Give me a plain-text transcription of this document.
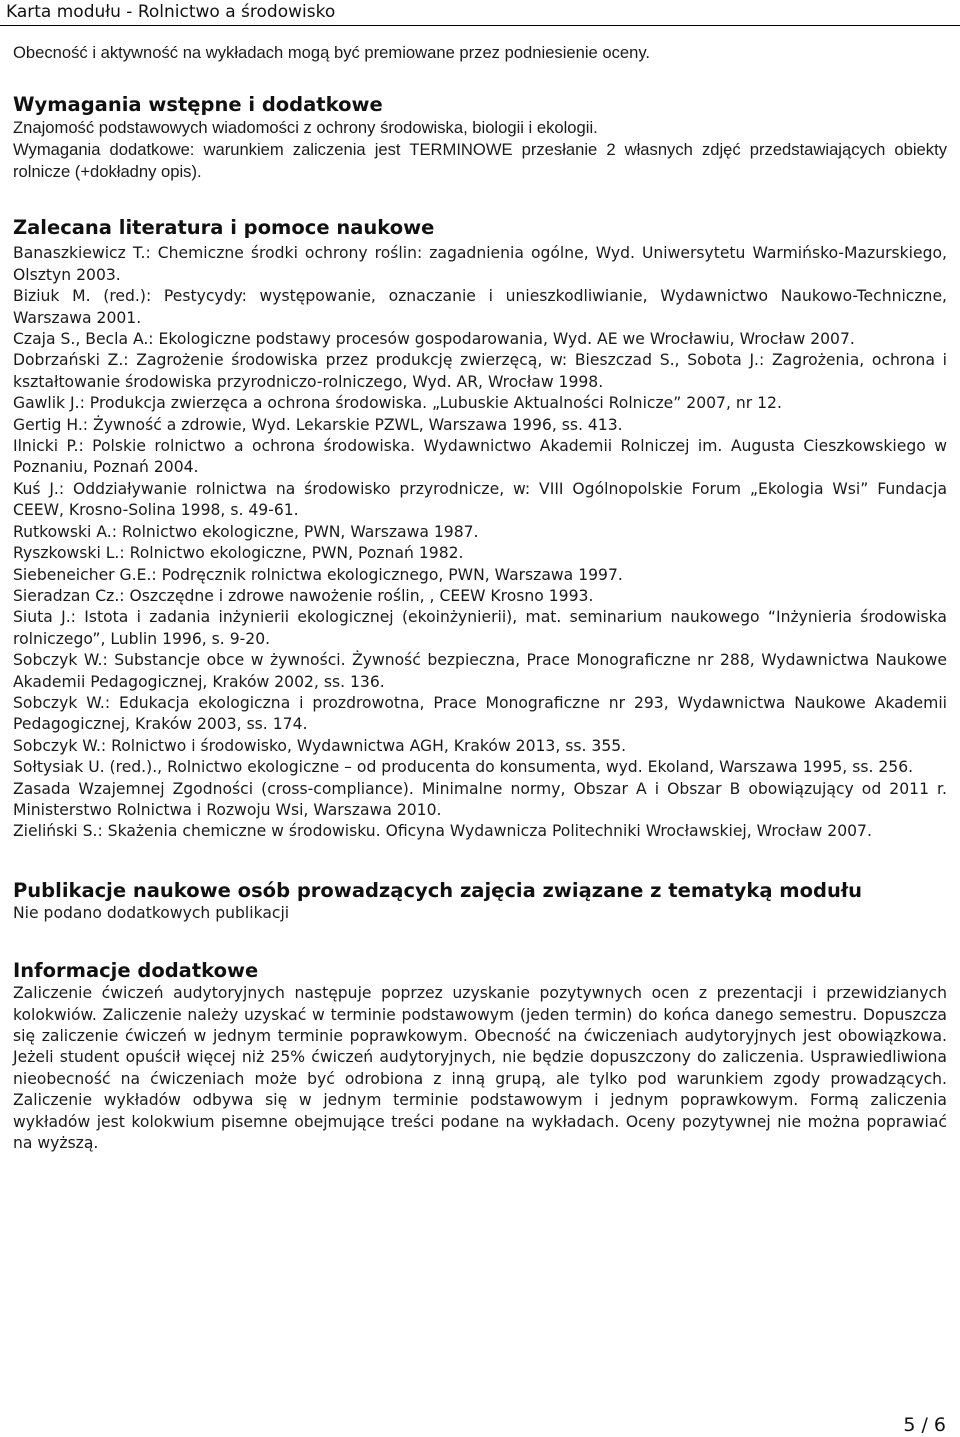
Karta modułu - Rolnictwo a środowisko

Obecność i aktywność na wykładach mogą być premiowane przez podniesienie oceny.

Wymagania wstępne i dodatkowe

Znajomość podstawowych wiadomości z ochrony środowiska, biologii i ekologii.

Wymagania dodatkowe: warunkiem zaliczenia jest TERMINOWE przesłanie 2 własnych zdjęć przedstawiających obiekty rolnicze (+dokładny opis).

Zalecana literatura i pomoce naukowe

Banaszkiewicz T.: Chemiczne środki ochrony roślin: zagadnienia ogólne, Wyd. Uniwersytetu Warmińsko-Mazurskiego, Olsztyn 2003.

Biziuk M. (red.): Pestycydy: występowanie, oznaczanie i unieszkodliwianie, Wydawnictwo Naukowo-Techniczne, Warszawa 2001.

Czaja S., Becla A.: Ekologiczne podstawy procesów gospodarowania, Wyd. AE we Wrocławiu, Wrocław 2007.

Dobrzański Z.: Zagrożenie środowiska przez produkcję zwierzęcą, w: Bieszczad S., Sobota J.: Zagrożenia, ochrona i kształtowanie środowiska przyrodniczo-rolniczego, Wyd. AR, Wrocław 1998.

Gawlik J.: Produkcja zwierzęca a ochrona środowiska. „Lubuskie Aktualności Rolnicze” 2007, nr 12.

Gertig H.: Żywność a zdrowie, Wyd. Lekarskie PZWL, Warszawa 1996, ss. 413.

Ilnicki P.: Polskie rolnictwo a ochrona środowiska. Wydawnictwo Akademii Rolniczej im. Augusta Cieszkowskiego w Poznaniu, Poznań 2004.

Kuś J.: Oddziaływanie rolnictwa na środowisko przyrodnicze, w: VIII Ogólnopolskie Forum „Ekologia Wsi” Fundacja CEEW, Krosno-Solina 1998, s. 49-61.

Rutkowski A.: Rolnictwo ekologiczne, PWN, Warszawa 1987.

Ryszkowski L.: Rolnictwo ekologiczne, PWN, Poznań 1982.

Siebeneicher G.E.: Podręcznik rolnictwa ekologicznego, PWN, Warszawa 1997.

Sieradzan Cz.: Oszczędne i zdrowe nawożenie roślin, , CEEW Krosno 1993.

Siuta J.: Istota i zadania inżynierii ekologicznej (ekoinżynierii), mat. seminarium naukowego “Inżynieria środowiska rolniczego”, Lublin 1996, s. 9-20.

Sobczyk W.: Substancje obce w żywności. Żywność bezpieczna, Prace Monograficzne nr 288, Wydawnictwa Naukowe Akademii Pedagogicznej, Kraków 2002, ss. 136.

Sobczyk W.: Edukacja ekologiczna i prozdrowotna, Prace Monograficzne nr 293, Wydawnictwa Naukowe Akademii Pedagogicznej, Kraków 2003, ss. 174.

Sobczyk W.: Rolnictwo i środowisko, Wydawnictwa AGH, Kraków 2013, ss. 355.

Sołtysiak U. (red.)., Rolnictwo ekologiczne – od producenta do konsumenta, wyd. Ekoland, Warszawa 1995, ss. 256.

Zasada Wzajemnej Zgodności (cross-compliance). Minimalne normy, Obszar A i Obszar B obowiązujący od 2011 r. Ministerstwo Rolnictwa i Rozwoju Wsi, Warszawa 2010.

Zieliński S.: Skażenia chemiczne w środowisku. Oficyna Wydawnicza Politechniki Wrocławskiej, Wrocław 2007.

Publikacje naukowe osób prowadzących zajęcia związane z tematyką modułu

Nie podano dodatkowych publikacji

Informacje dodatkowe

Zaliczenie ćwiczeń audytoryjnych następuje poprzez uzyskanie pozytywnych ocen z prezentacji i przewidzianych kolokwiów. Zaliczenie należy uzyskać w terminie podstawowym (jeden termin) do końca danego semestru. Dopuszcza się zaliczenie ćwiczeń w jednym terminie poprawkowym. Obecność na ćwiczeniach audytoryjnych jest obowiązkowa. Jeżeli student opuścił więcej niż 25% ćwiczeń audytoryjnych, nie będzie dopuszczony do zaliczenia. Usprawiedliwiona nieobecność na ćwiczeniach może być odrobiona z inną grupą, ale tylko pod warunkiem zgody prowadzących. Zaliczenie wykładów odbywa się w jednym terminie podstawowym i jednym poprawkowym. Formą zaliczenia wykładów jest kolokwium pisemne obejmujące treści podane na wykładach. Oceny pozytywnej nie można poprawiać na wyższą.

5 / 6
